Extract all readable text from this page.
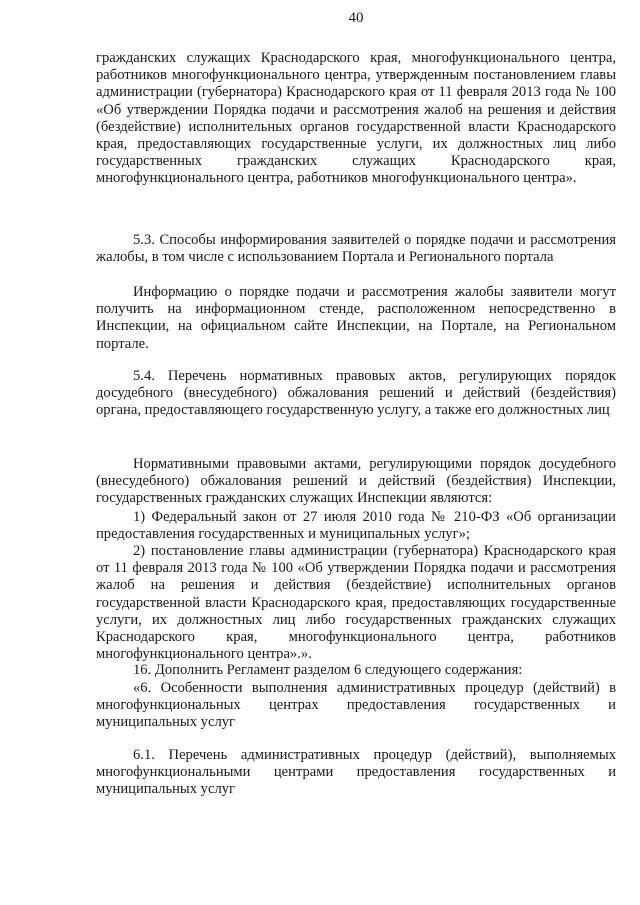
40

гражданских служащих Краснодарского края, многофункционального центра, работников многофункционального центра, утвержденным постановлением главы администрации (губернатора) Краснодарского края от 11 февраля 2013 года № 100 «Об утверждении Порядка подачи и рассмотрения жалоб на решения и действия (бездействие) исполнительных органов государственной власти Краснодарского края, предоставляющих государственные услуги, их должностных лиц либо государственных гражданских служащих Краснодарского края, многофункционального центра, работников многофункционального центра».

5.3. Способы информирования заявителей о порядке подачи и рассмотрения жалобы, в том числе с использованием Портала и Регионального портала

Информацию о порядке подачи и рассмотрения жалобы заявители могут получить на информационном стенде, расположенном непосредственно в Инспекции, на официальном сайте Инспекции, на Портале, на Региональном портале.

5.4. Перечень нормативных правовых актов, регулирующих порядок досудебного (внесудебного) обжалования решений и действий (бездействия) органа, предоставляющего государственную услугу, а также его должностных лиц

Нормативными правовыми актами, регулирующими порядок досудебного (внесудебного) обжалования решений и действий (бездействия) Инспекции, государственных гражданских служащих Инспекции являются:

1) Федеральный закон от 27 июля 2010 года № 210-ФЗ «Об организации предоставления государственных и муниципальных услуг»;

2) постановление главы администрации (губернатора) Краснодарского края от 11 февраля 2013 года № 100 «Об утверждении Порядка подачи и рассмотрения жалоб на решения и действия (бездействие) исполнительных органов государственной власти Краснодарского края, предоставляющих государственные услуги, их должностных лиц либо государственных гражданских служащих Краснодарского края, многофункционального центра, работников многофункционального центра».».

16. Дополнить Регламент разделом 6 следующего содержания:

«6. Особенности выполнения административных процедур (действий) в многофункциональных центрах предоставления государственных и муниципальных услуг

6.1. Перечень административных процедур (действий), выполняемых многофункциональными центрами предоставления государственных и муниципальных услуг
